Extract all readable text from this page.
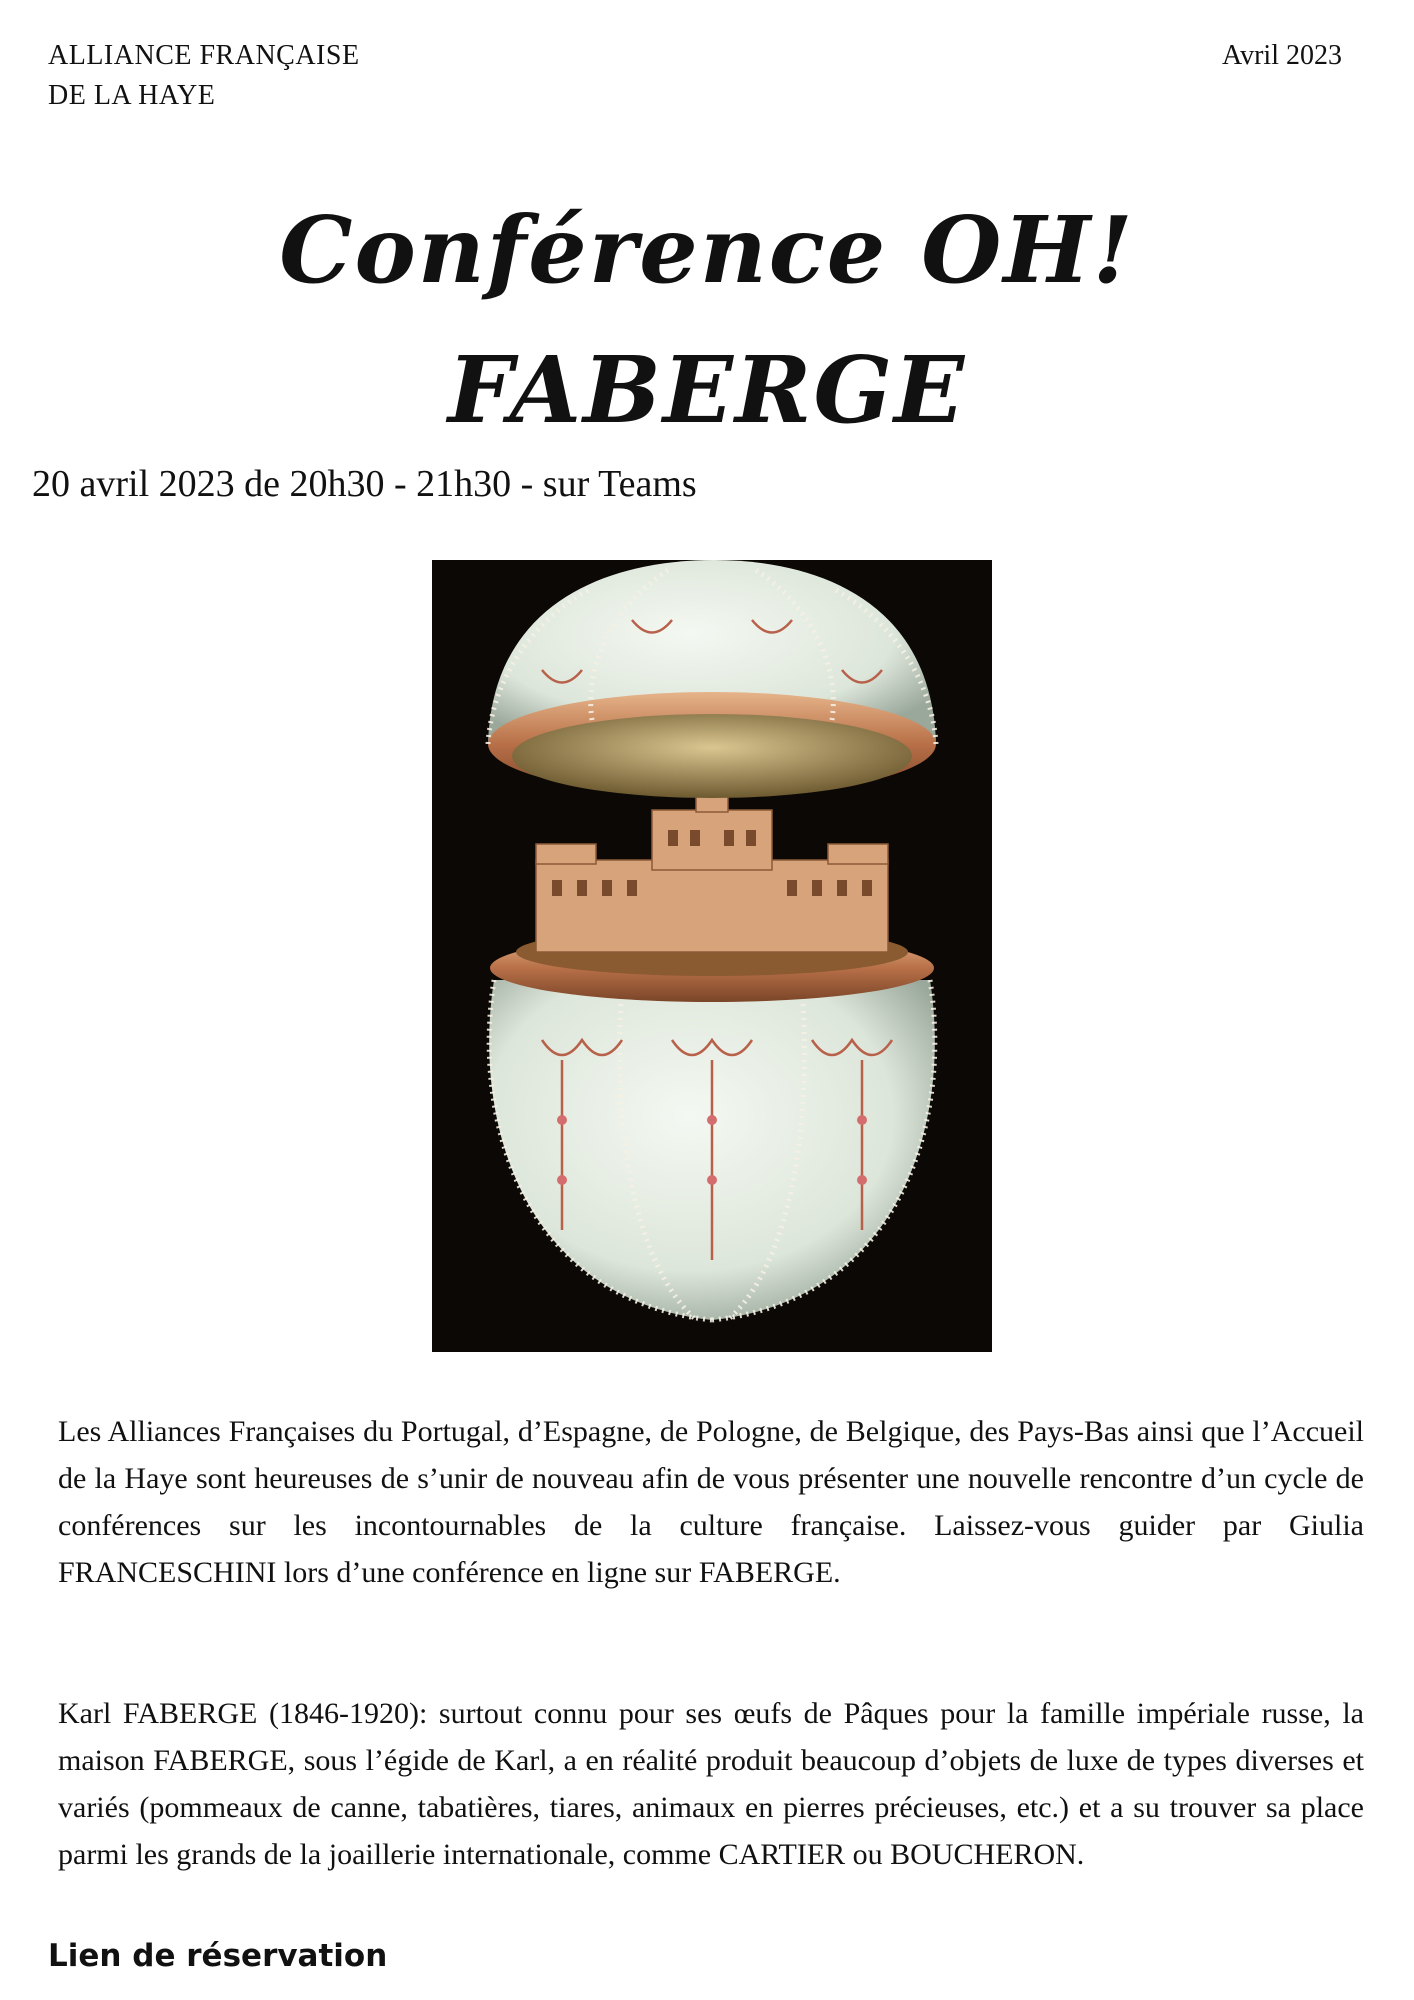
ALLIANCE FRANÇAISE
DE LA HAYE
Avril 2023
Conférence OH!
FABERGE
20 avril 2023 de 20h30 - 21h30 - sur Teams

Les Alliances Françaises du Portugal, d’Espagne, de Pologne, de Belgique, des Pays-Bas ainsi que l’Accueil de la Haye sont heureuses de s’unir de nouveau afin de vous présenter une nouvelle rencontre d’un cycle de conférences sur les incontournables de la culture française. Laissez-vous guider par Giulia FRANCESCHINI lors d’une conférence en ligne sur FABERGE.

Karl FABERGE (1846-1920): surtout connu pour ses œufs de Pâques pour la famille impériale russe, la maison FABERGE, sous l’égide de Karl, a en réalité produit beaucoup d’objets de luxe de types diverses et variés (pommeaux de canne, tabatières, tiares, animaux en pierres précieuses, etc.) et a su trouver sa place parmi les grands de la joaillerie internationale, comme CARTIER ou BOUCHERON.

Lien de réservation
